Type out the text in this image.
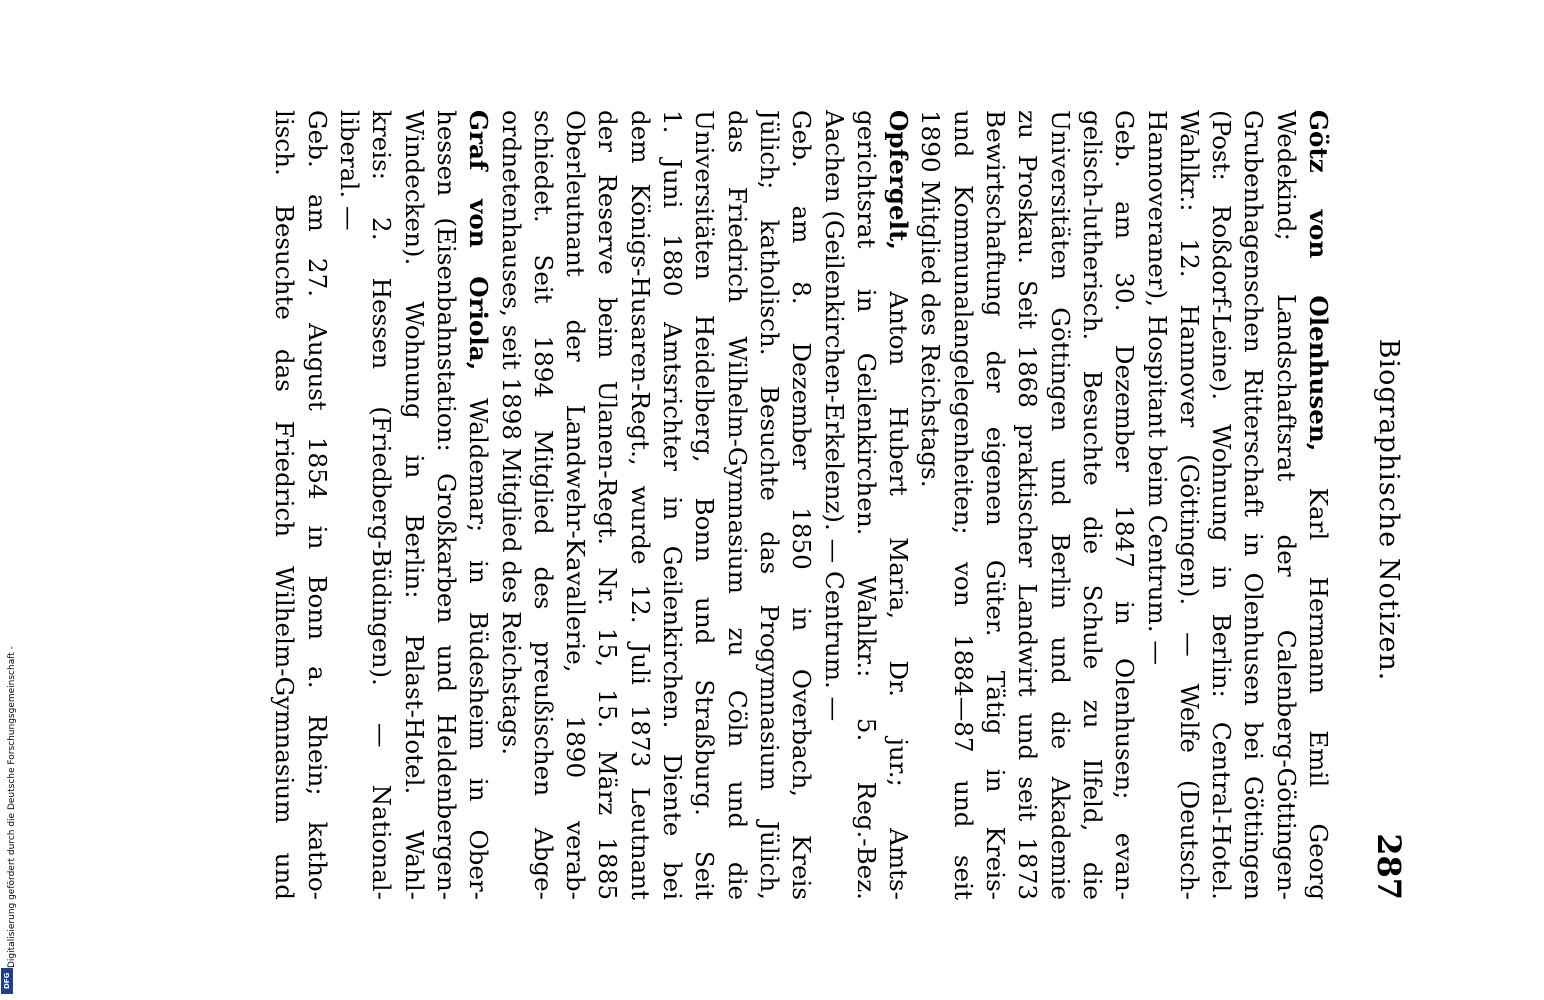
Digitalisierung gefördert durch die Deutsche Forschungsgemeinschaft -
DFG
Biographische Notizen.
287
Götz von Olenhusen, Karl Hermann Emil Georg
Wedekind; Landschaftsrat der Calenberg-Göttingen-
Grubenhagenschen Ritterschaft in Olenhusen bei Göttingen
(Post: Roßdorf-Leine). Wohnung in Berlin: Central-Hotel.
Wahlkr.: 12. Hannover (Göttingen). — Welfe (Deutsch-
Hannoveraner), Hospitant beim Centrum. —
Geb. am 30. Dezember 1847 in Olenhusen; evan-
gelisch-lutherisch. Besuchte die Schule zu Ilfeld, die
Universitäten Göttingen und Berlin und die Akademie
zu Proskau. Seit 1868 praktischer Landwirt und seit 1873
Bewirtschaftung der eigenen Güter. Tätig in Kreis-
und Kommunalangelegenheiten; von 1884—87 und seit
1890 Mitglied des Reichstags.
Opfergelt, Anton Hubert Maria, Dr. jur.; Amts-
gerichtsrat in Geilenkirchen. Wahlkr.: 5. Reg.-Bez.
Aachen (Geilenkirchen-Erkelenz). — Centrum. —
Geb. am 8. Dezember 1850 in Overbach, Kreis
Jülich; katholisch. Besuchte das Progymnasium Jülich,
das Friedrich Wilhelm-Gymnasium zu Cöln und die
Universitäten Heidelberg, Bonn und Straßburg. Seit
1. Juni 1880 Amtsrichter in Geilenkirchen. Diente bei
dem Königs-Husaren-Regt., wurde 12. Juli 1873 Leutnant
der Reserve beim Ulanen-Regt. Nr. 15, 15. März 1885
Oberleutnant der Landwehr-Kavallerie, 1890 verab-
schiedet. Seit 1894 Mitglied des preußischen Abge-
ordnetenhauses, seit 1898 Mitglied des Reichstags.
Graf von Oriola, Waldemar; in Büdesheim in Ober-
hessen (Eisenbahnstation: Großkarben und Heldenbergen-
Windecken). Wohnung in Berlin: Palast-Hotel. Wahl-
kreis: 2. Hessen (Friedberg-Büdingen). — National-
liberal. —
Geb. am 27. August 1854 in Bonn a. Rhein; katho-
lisch. Besuchte das Friedrich Wilhelm-Gymnasium und
